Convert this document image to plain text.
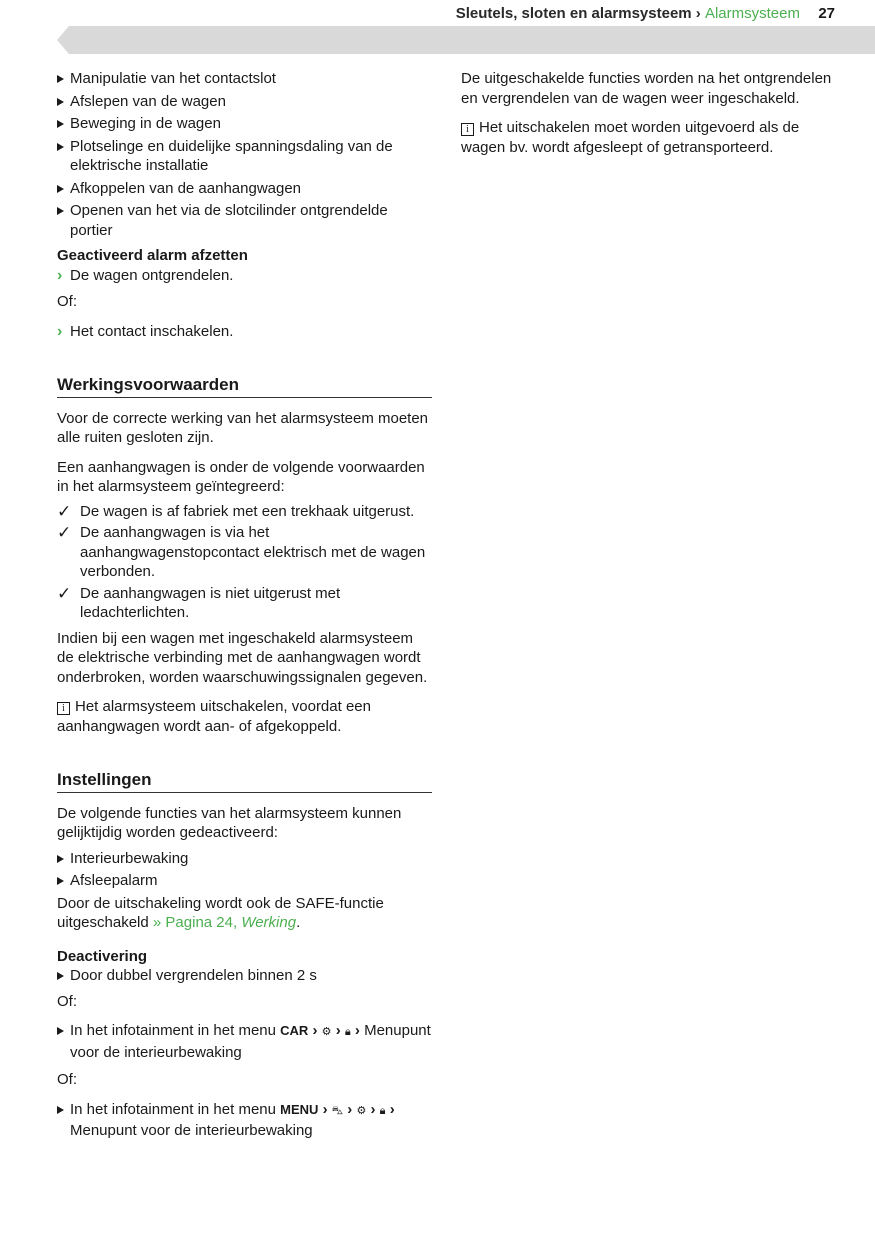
Sleutels, sloten en alarmsysteem › Alarmsysteem 27
Manipulatie van het contactslot
Afslepen van de wagen
Beweging in de wagen
Plotselinge en duidelijke spanningsdaling van de elektrische installatie
Afkoppelen van de aanhangwagen
Openen van het via de slotcilinder ontgrendelde portier
Geactiveerd alarm afzetten
› De wagen ontgrendelen.

Of:

› Het contact inschakelen.
Werkingsvoorwaarden

Voor de correcte werking van het alarmsysteem moeten alle ruiten gesloten zijn.

Een aanhangwagen is onder de volgende voorwaarden in het alarmsysteem geïntegreerd:

✓ De wagen is af fabriek met een trekhaak uitgerust.
✓ De aanhangwagen is via het aanhangwagenstopcontact elektrisch met de wagen verbonden.
✓ De aanhangwagen is niet uitgerust met ledachterlichten.

Indien bij een wagen met ingeschakeld alarmsysteem de elektrische verbinding met de aanhangwagen wordt onderbroken, worden waarschuwingssignalen gegeven.

i Het alarmsysteem uitschakelen, voordat een aanhangwagen wordt aan- of afgekoppeld.

Instellingen

De volgende functies van het alarmsysteem kunnen gelijktijdig worden gedeactiveerd:

Interieurbewaking
Afsleepalarm

Door de uitschakeling wordt ook de SAFE-functie uitgeschakeld » Pagina 24, Werking.

Deactivering
Door dubbel vergrendelen binnen 2 s

Of:

In het infotainment in het menu CAR › ⚙ › 🔒︎ › Menupunt voor de interieurbewaking

Of:

In het infotainment in het menu MENU › ⛍ › ⚙ › 🔒︎ › Menupunt voor de interieurbewaking

De uitgeschakelde functies worden na het ontgrendelen en vergrendelen van de wagen weer ingeschakeld.

i Het uitschakelen moet worden uitgevoerd als de wagen bv. wordt afgesleept of getransporteerd.
